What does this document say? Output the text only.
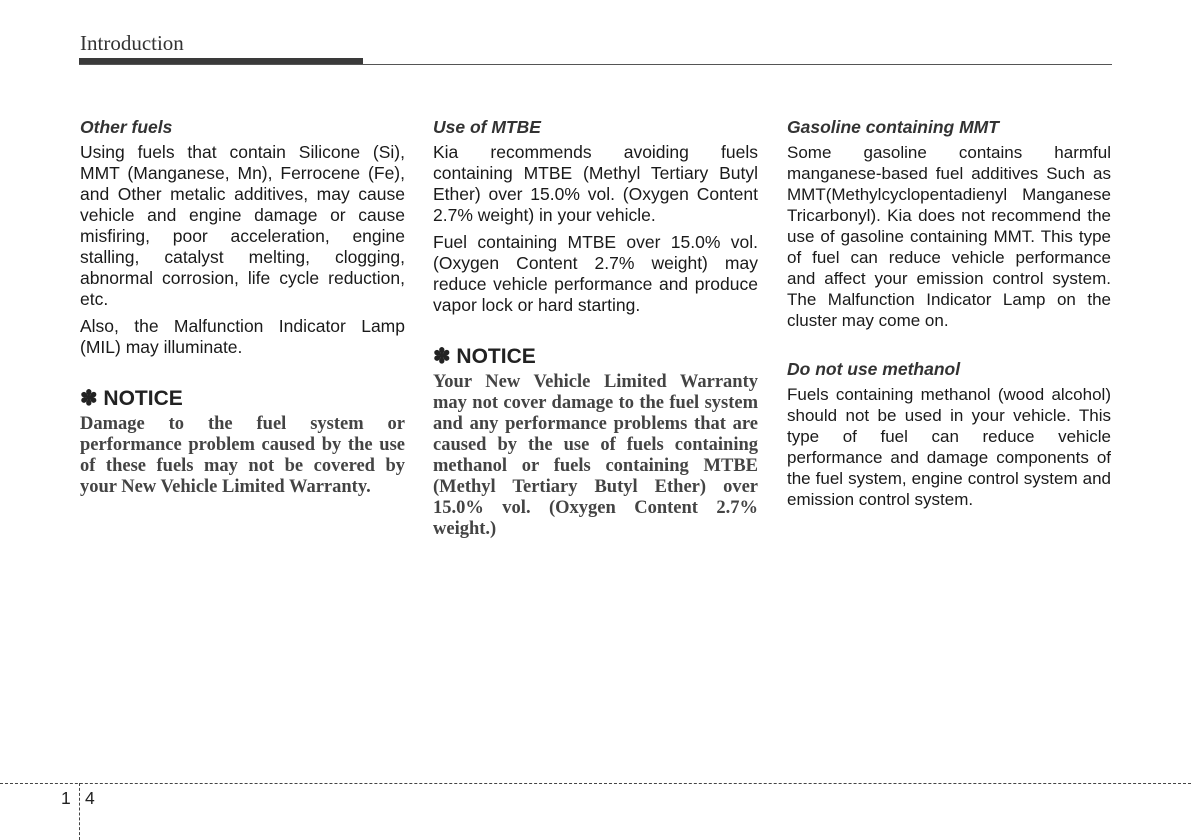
Introduction
Other fuels

Using fuels that contain Silicone (Si), MMT (Manganese, Mn), Ferrocene (Fe), and Other metalic additives, may cause vehicle and engine damage or cause misfiring, poor acceleration, engine stalling, catalyst melting, clogging, abnormal corrosion, life cycle reduction, etc.

Also, the Malfunction Indicator Lamp (MIL) may illuminate.

✽ NOTICE

Damage to the fuel system or performance problem caused by the use of these fuels may not be covered by your New Vehicle Limited Warranty.

Use of MTBE

Kia recommends avoiding fuels containing MTBE (Methyl Tertiary Butyl Ether) over 15.0% vol. (Oxygen Content 2.7% weight) in your vehicle.

Fuel containing MTBE over 15.0% vol. (Oxygen Content 2.7% weight) may reduce vehicle performance and produce vapor lock or hard starting.

✽ NOTICE

Your New Vehicle Limited Warranty may not cover damage to the fuel system and any performance problems that are caused by the use of fuels containing methanol or fuels containing MTBE (Methyl Tertiary Butyl Ether) over 15.0% vol. (Oxygen Content 2.7% weight.)

Gasoline containing MMT

Some gasoline contains harmful manganese-based fuel additives Such as MMT(Methylcyclopentadienyl Manganese Tricarbonyl). Kia does not recommend the use of gasoline containing MMT. This type of fuel can reduce vehicle performance and affect your emission control system. The Malfunction Indicator Lamp on the cluster may come on.

Do not use methanol

Fuels containing methanol (wood alcohol) should not be used in your vehicle. This type of fuel can reduce vehicle performance and damage components of the fuel system, engine control system and emission control system.

1 4
